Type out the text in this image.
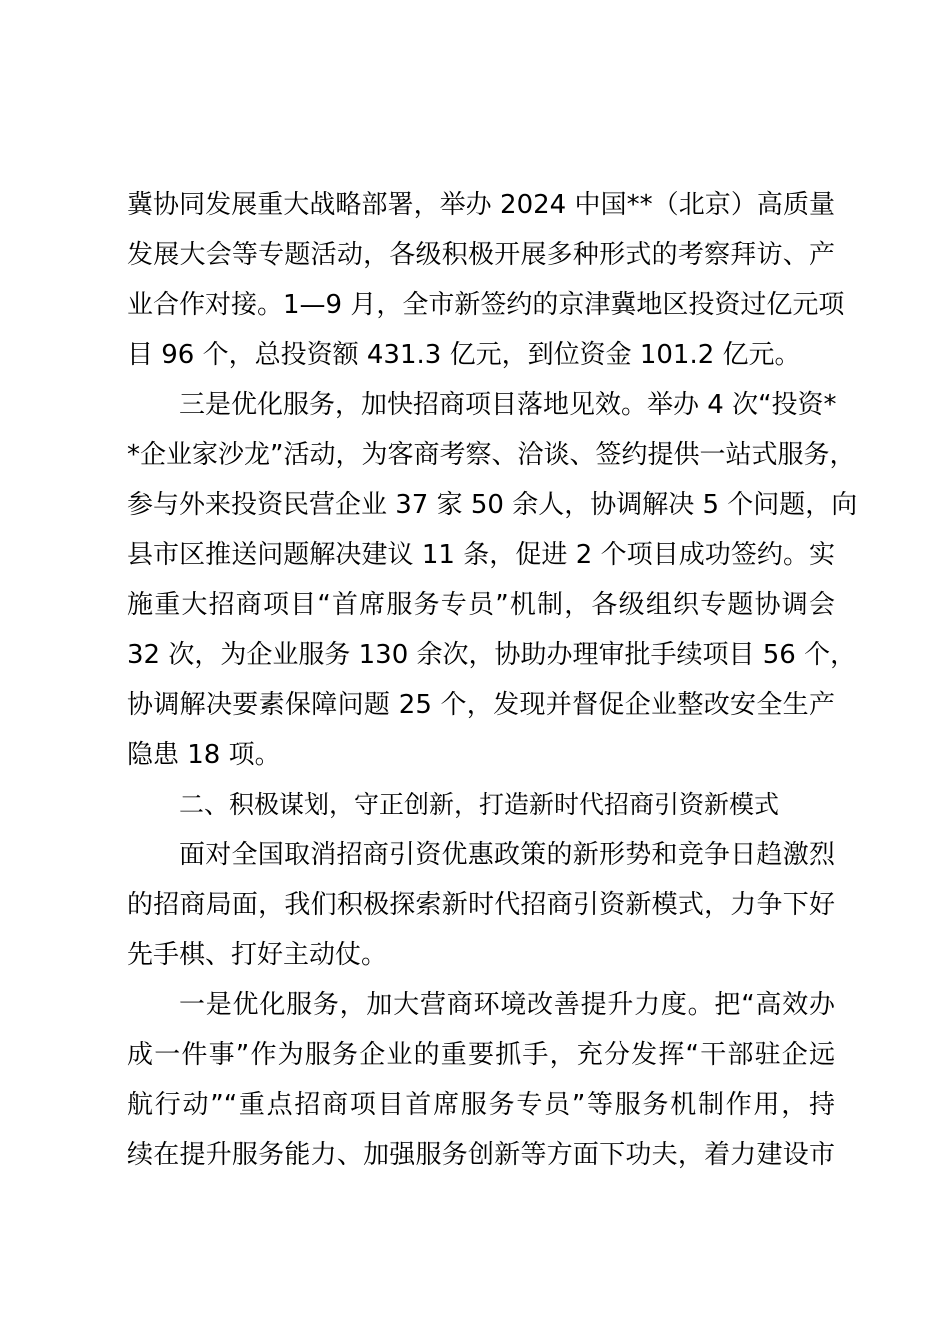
冀协同发展重大战略部署，举办 2024 中国**（北京）高质量
发展大会等专题活动，各级积极开展多种形式的考察拜访、产
业合作对接。1—9 月，全市新签约的京津冀地区投资过亿元项
目 96 个，总投资额 431.3 亿元，到位资金 101.2 亿元。
三是优化服务，加快招商项目落地见效。举办 4 次“投资*
*企业家沙龙”活动，为客商考察、洽谈、签约提供一站式服务，
参与外来投资民营企业 37 家 50 余人，协调解决 5 个问题，向
县市区推送问题解决建议 11 条，促进 2 个项目成功签约。实
施重大招商项目“首席服务专员”机制，各级组织专题协调会
32 次，为企业服务 130 余次，协助办理审批手续项目 56 个，
协调解决要素保障问题 25 个，发现并督促企业整改安全生产
隐患 18 项。
二、积极谋划，守正创新，打造新时代招商引资新模式
面对全国取消招商引资优惠政策的新形势和竞争日趋激烈
的招商局面，我们积极探索新时代招商引资新模式，力争下好
先手棋、打好主动仗。
一是优化服务，加大营商环境改善提升力度。把“高效办
成一件事”作为服务企业的重要抓手，充分发挥“干部驻企远
航行动”“重点招商项目首席服务专员”等服务机制作用，持
续在提升服务能力、加强服务创新等方面下功夫，着力建设市
